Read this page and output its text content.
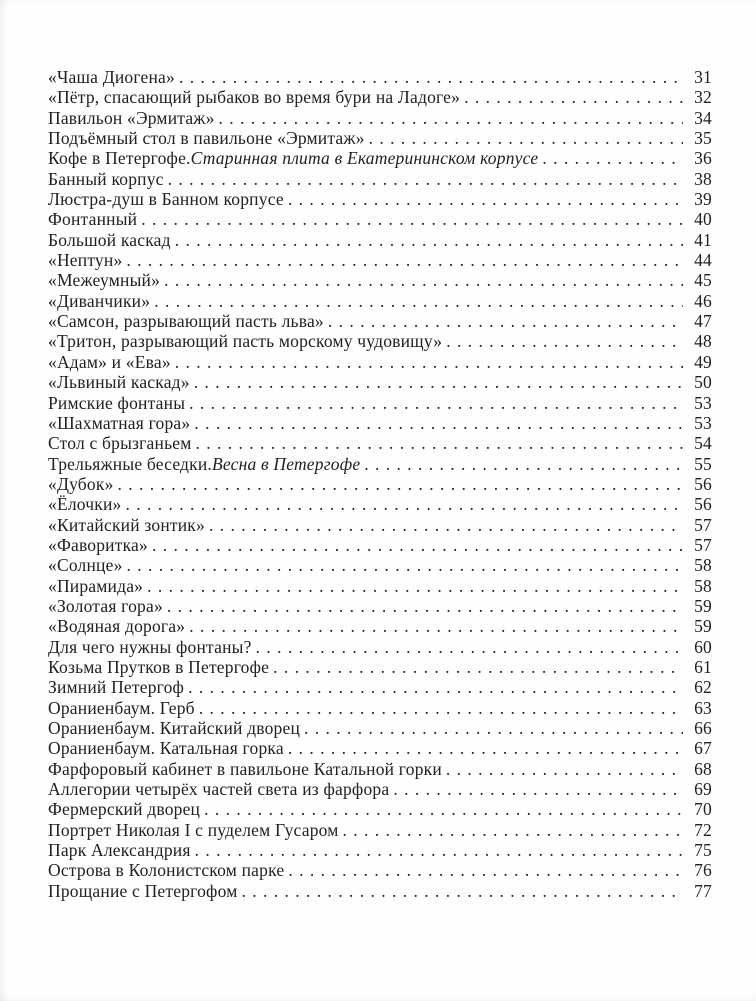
«Чаша Диогена» . . .	31
«Пётр, спасающий рыбаков во время бури на Ладоге» . . .	32
Павильон «Эрмитаж» . . .	34
Подъёмный стол в павильоне «Эрмитаж» . . .	35
Кофе в Петергофе. Старинная плита в Екатерининском корпусе . . .	36
Банный корпус . . .	38
Люстра-душ в Банном корпусе . . .	39
Фонтанный . . .	40
Большой каскад . . .	41
«Нептун» . . .	44
«Межеумный» . . .	45
«Диванчики» . . .	46
«Самсон, разрывающий пасть льва» . . .	47
«Тритон, разрывающий пасть морскому чудовищу» . . .	48
«Адам» и «Ева» . . .	49
«Львиный каскад» . . .	50
Римские фонтаны . . .	53
«Шахматная гора» . . .	53
Стол с брызганьем . . .	54
Трельяжные беседки. Весна в Петергофе . . .	55
«Дубок» . . .	56
«Ёлочки» . . .	56
«Китайский зонтик» . . .	57
«Фаворитка» . . .	57
«Солнце» . . .	58
«Пирамида» . . .	58
«Золотая гора» . . .	59
«Водяная дорога» . . .	59
Для чего нужны фонтаны? . . .	60
Козьма Прутков в Петергофе . . .	61
Зимний Петергоф . . .	62
Ораниенбаум. Герб . . .	63
Ораниенбаум. Китайский дворец . . .	66
Ораниенбаум. Катальная горка . . .	67
Фарфоровый кабинет в павильоне Катальной горки . . .	68
Аллегории четырёх частей света из фарфора . . .	69
Фермерский дворец . . .	70
Портрет Николая I с пуделем Гусаром . . .	72
Парк Александрия . . .	75
Острова в Колонистском парке . . .	76
Прощание с Петергофом . . .	77
